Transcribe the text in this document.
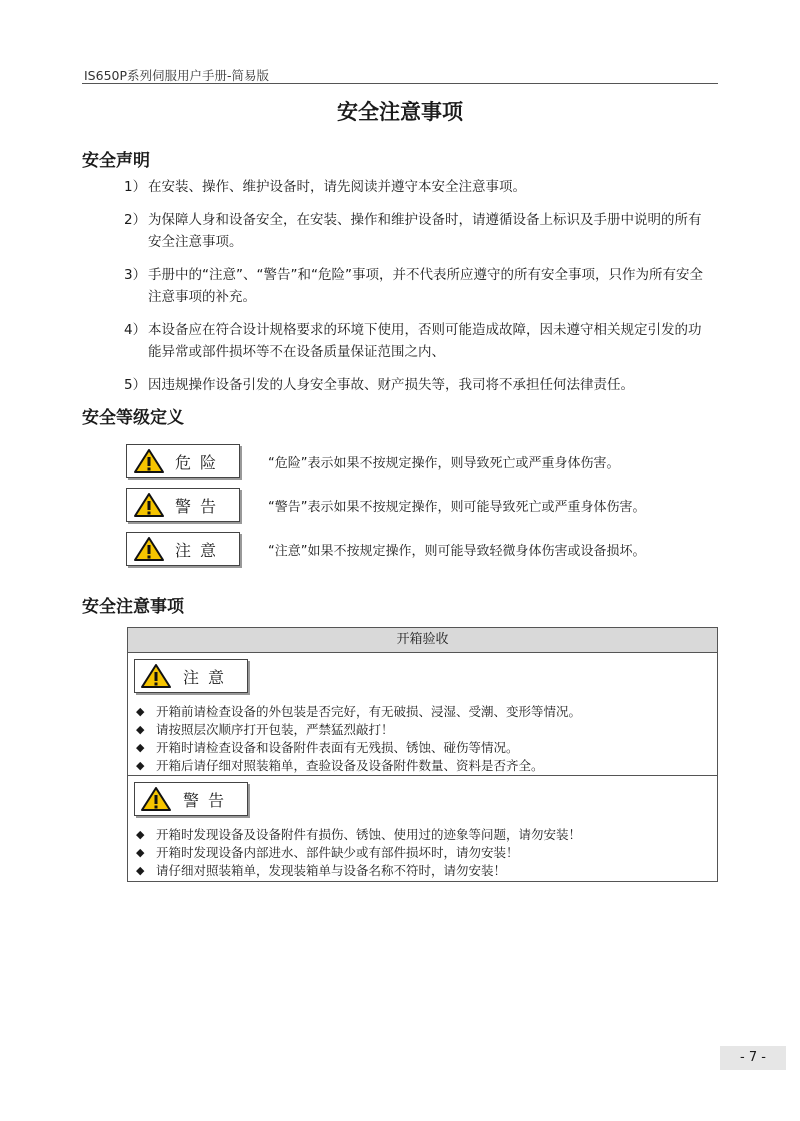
IS650P系列伺服用户手册-简易版
安全注意事项
安全声明
1） 在安装、操作、维护设备时，请先阅读并遵守本安全注意事项。
2） 为保障人身和设备安全，在安装、操作和维护设备时，请遵循设备上标识及手册中说明的所有安全注意事项。
3） 手册中的“注意”、“警告”和“危险”事项，并不代表所应遵守的所有安全事项，只作为所有安全注意事项的补充。
4） 本设备应在符合设计规格要求的环境下使用，否则可能造成故障，因未遵守相关规定引发的功能异常或部件损坏等不在设备质量保证范围之内、
5） 因违规操作设备引发的人身安全事故、财产损失等，我司将不承担任何法律责任。
安全等级定义
危险	“危险”表示如果不按规定操作，则导致死亡或严重身体伤害。
警告	“警告”表示如果不按规定操作，则可能导致死亡或严重身体伤害。
注意	“注意”如果不按规定操作，则可能导致轻微身体伤害或设备损坏。
安全注意事项
开箱验收
注意
◆ 开箱前请检查设备的外包装是否完好，有无破损、浸湿、受潮、变形等情况。
◆ 请按照层次顺序打开包装，严禁猛烈敲打！
◆ 开箱时请检查设备和设备附件表面有无残损、锈蚀、碰伤等情况。
◆ 开箱后请仔细对照装箱单，查验设备及设备附件数量、资料是否齐全。
警告
◆ 开箱时发现设备及设备附件有损伤、锈蚀、使用过的迹象等问题，请勿安装！
◆ 开箱时发现设备内部进水、部件缺少或有部件损坏时，请勿安装！
◆ 请仔细对照装箱单，发现装箱单与设备名称不符时，请勿安装！
- 7 -
